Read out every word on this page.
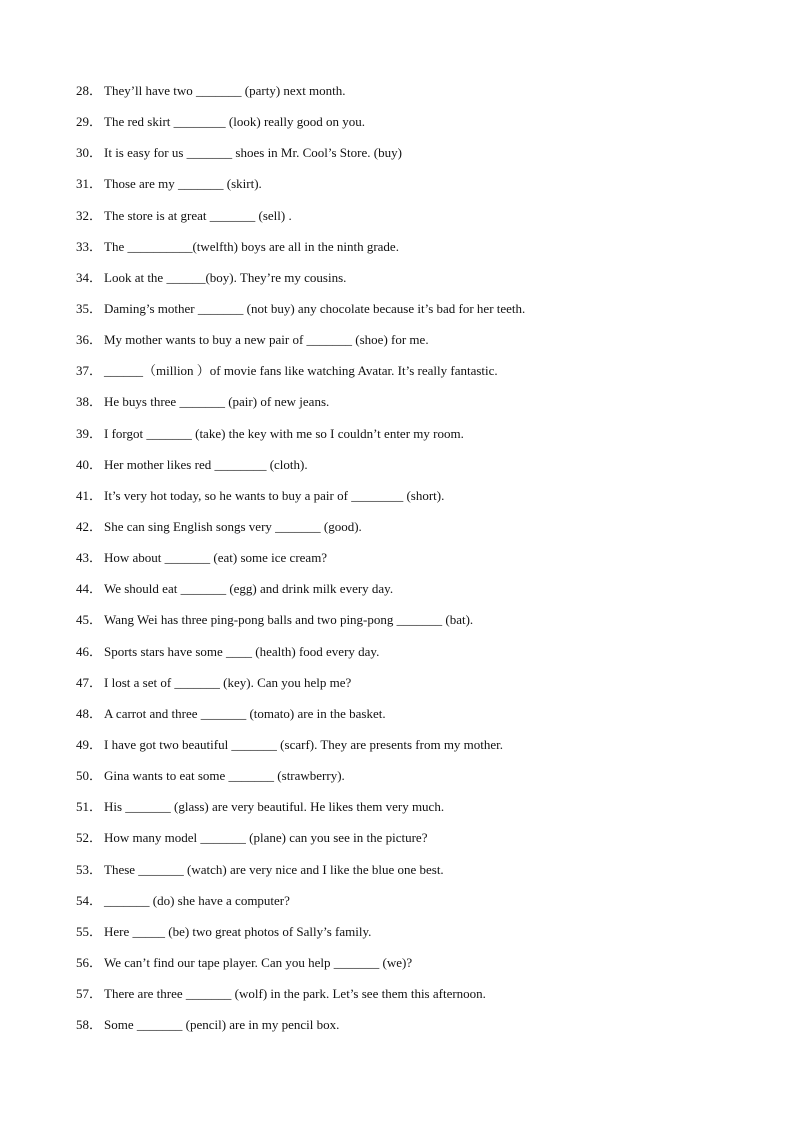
28． They’ll have two _______ (party) next month.
29． The red skirt ________ (look) really good on you.
30． It is easy for us _______ shoes in Mr. Cool’s Store. (buy)
31． Those are my _______ (skirt).
32． The store is at great _______ (sell) .
33． The __________(twelfth) boys are all in the ninth grade.
34． Look at the ______(boy). They’re my cousins.
35． Daming’s mother _______ (not buy) any chocolate because it’s bad for her teeth.
36． My mother wants to buy a new pair of _______ (shoe) for me.
37． ______（million ）of movie fans like watching Avatar. It’s really fantastic.
38． He buys three _______ (pair) of new jeans.
39． I forgot _______ (take) the key with me so I couldn’t enter my room.
40． Her mother likes red ________ (cloth).
41． It’s very hot today, so he wants to buy a pair of ________ (short).
42． She can sing English songs very _______ (good).
43． How about _______ (eat) some ice cream?
44． We should eat _______ (egg) and drink milk every day.
45． Wang Wei has three ping-pong balls and two ping-pong _______ (bat).
46． Sports stars have some ____ (health) food every day.
47． I lost a set of _______ (key). Can you help me?
48． A carrot and three _______ (tomato) are in the basket.
49． I have got two beautiful _______ (scarf). They are presents from my mother.
50． Gina wants to eat some _______ (strawberry).
51． His _______ (glass) are very beautiful. He likes them very much.
52． How many model _______ (plane) can you see in the picture?
53． These _______ (watch) are very nice and I like the blue one best.
54． _______ (do) she have a computer?
55． Here _____ (be) two great photos of Sally’s family.
56． We can’t find our tape player. Can you help _______ (we)?
57． There are three _______ (wolf) in the park. Let’s see them this afternoon.
58． Some _______ (pencil) are in my pencil box.
